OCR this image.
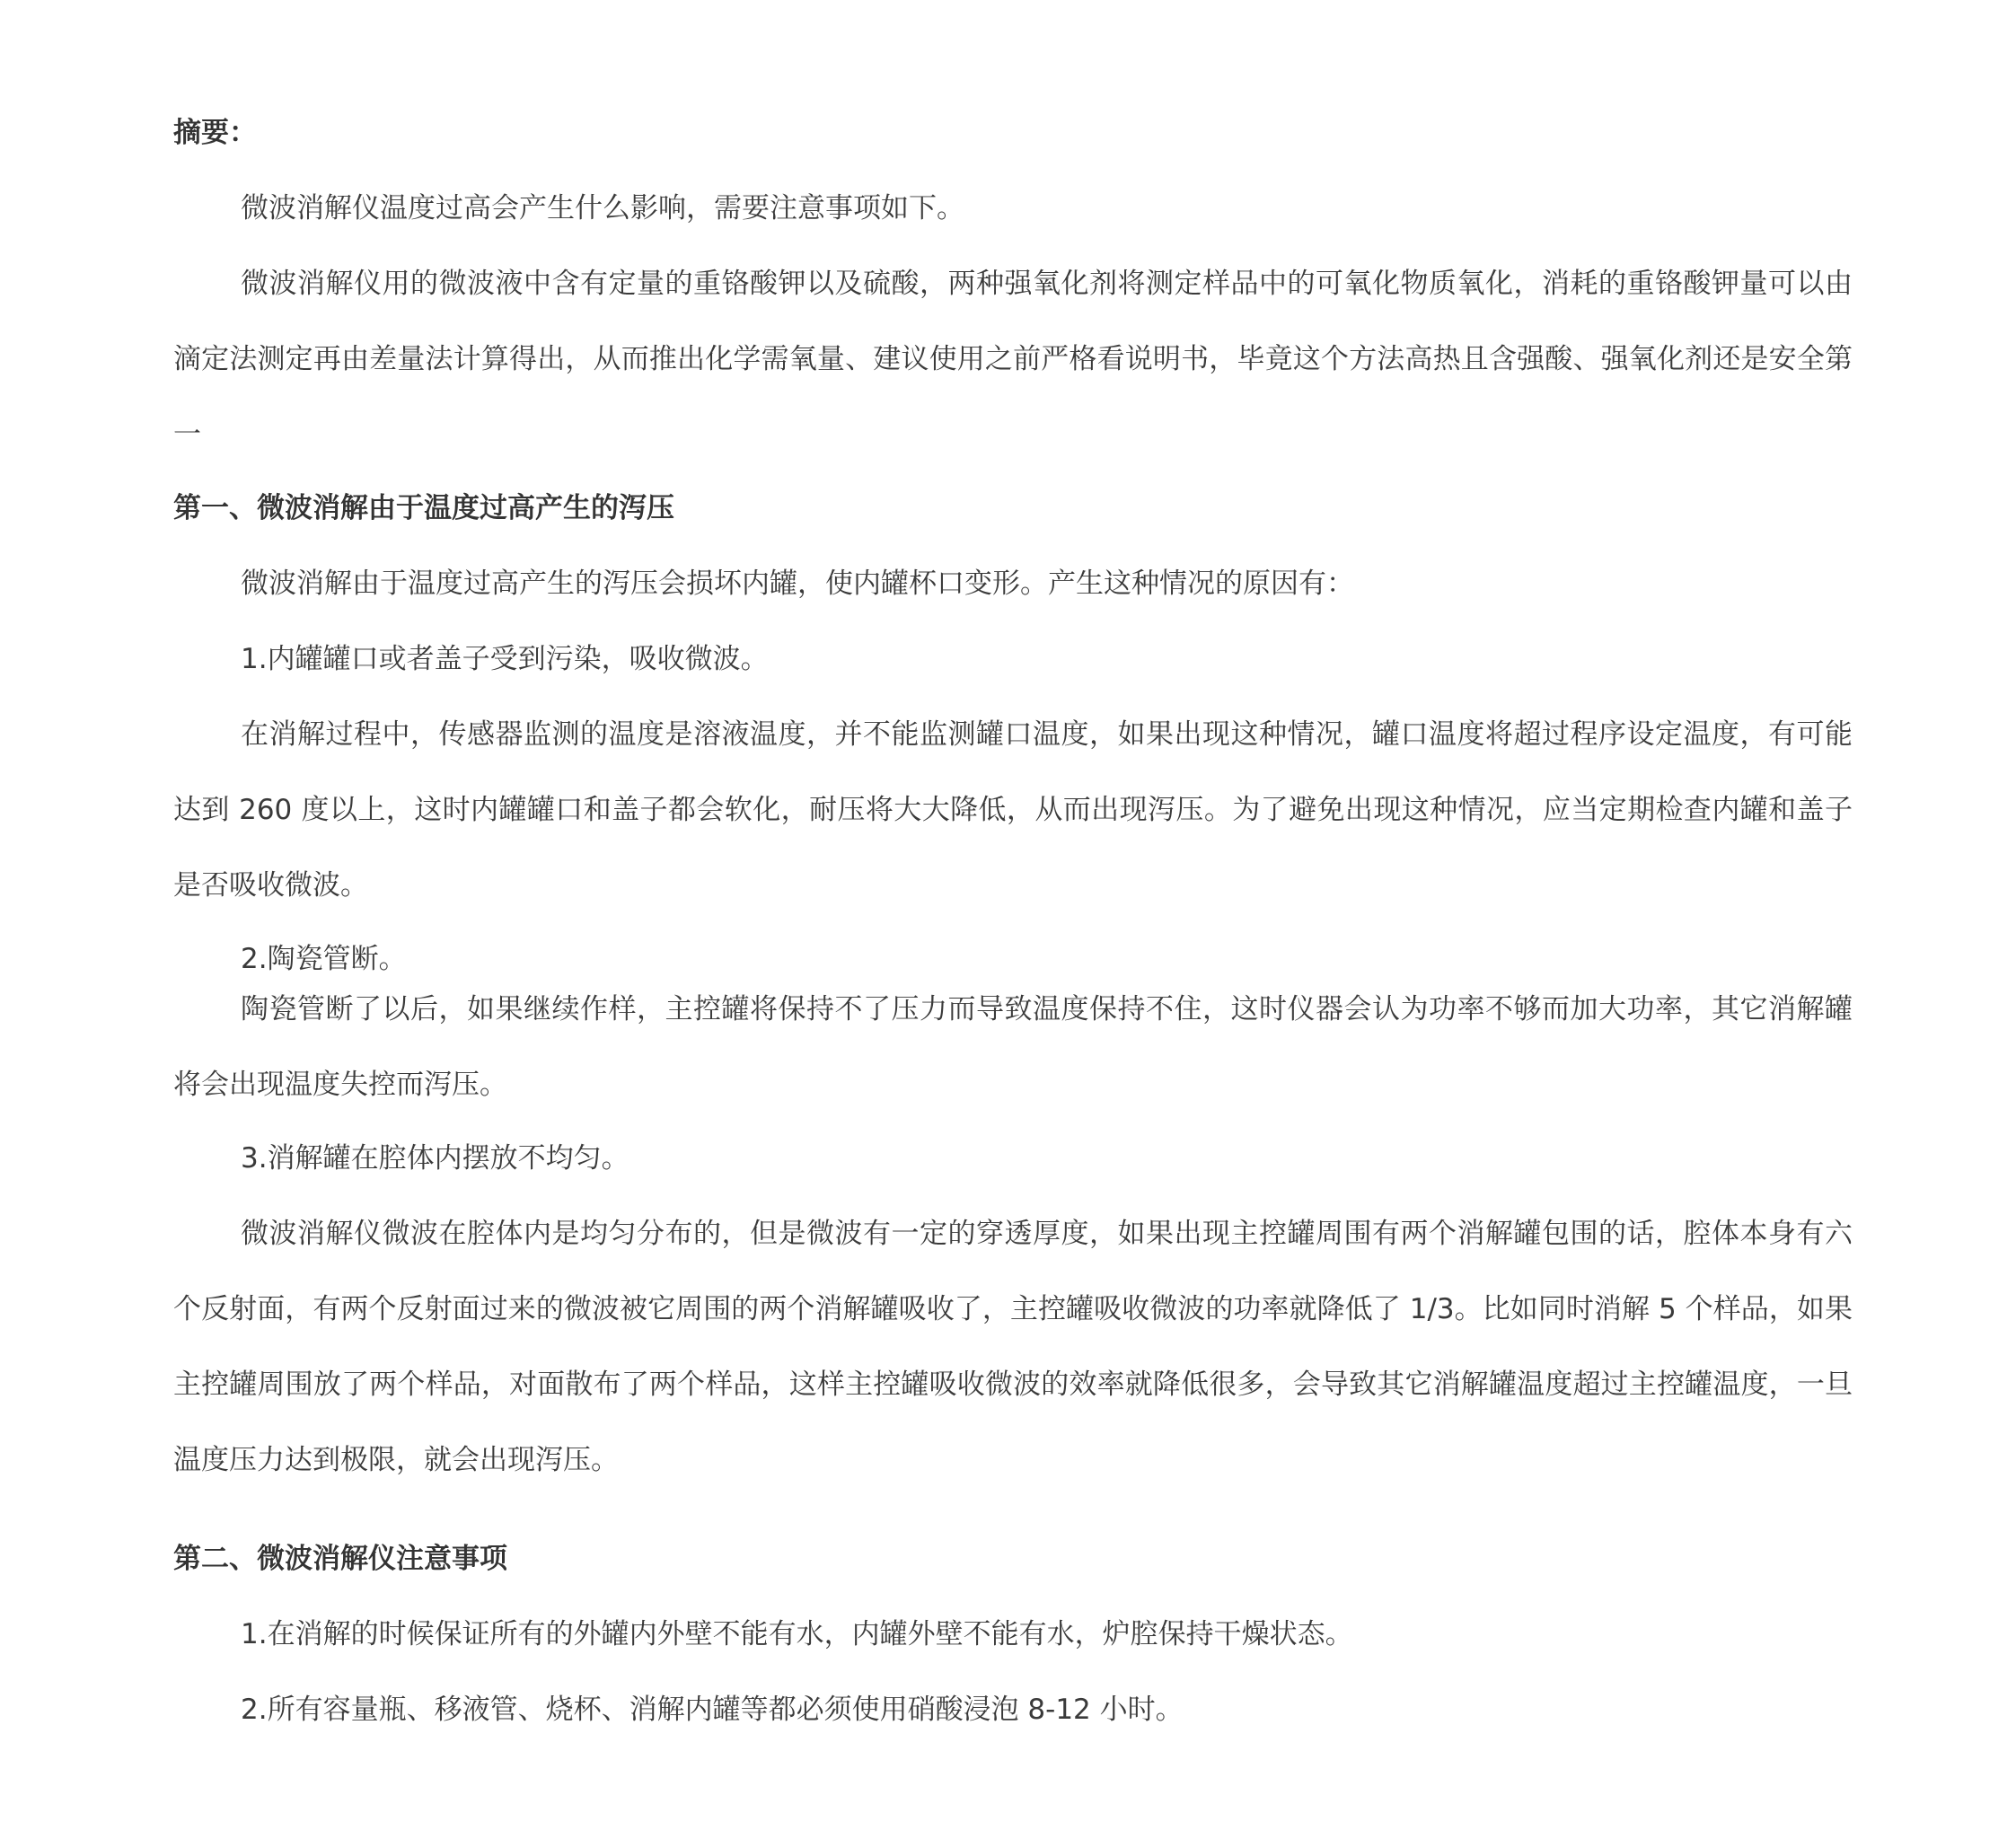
摘要：

微波消解仪温度过高会产生什么影响，需要注意事项如下。

微波消解仪用的微波液中含有定量的重铬酸钾以及硫酸，两种强氧化剂将测定样品中的可氧化物质氧化，消耗的重铬酸钾量可以由滴定法测定再由差量法计算得出，从而推出化学需氧量、建议使用之前严格看说明书，毕竟这个方法高热且含强酸、强氧化剂还是安全第一

第一、微波消解由于温度过高产生的泻压

微波消解由于温度过高产生的泻压会损坏内罐，使内罐杯口变形。产生这种情况的原因有：

1.内罐罐口或者盖子受到污染，吸收微波。

在消解过程中，传感器监测的温度是溶液温度，并不能监测罐口温度，如果出现这种情况，罐口温度将超过程序设定温度，有可能达到 260 度以上，这时内罐罐口和盖子都会软化，耐压将大大降低，从而出现泻压。为了避免出现这种情况，应当定期检查内罐和盖子是否吸收微波。

2.陶瓷管断。

陶瓷管断了以后，如果继续作样，主控罐将保持不了压力而导致温度保持不住，这时仪器会认为功率不够而加大功率，其它消解罐将会出现温度失控而泻压。

3.消解罐在腔体内摆放不均匀。

微波消解仪微波在腔体内是均匀分布的，但是微波有一定的穿透厚度，如果出现主控罐周围有两个消解罐包围的话，腔体本身有六个反射面，有两个反射面过来的微波被它周围的两个消解罐吸收了，主控罐吸收微波的功率就降低了 1/3。比如同时消解 5 个样品，如果主控罐周围放了两个样品，对面散布了两个样品，这样主控罐吸收微波的效率就降低很多，会导致其它消解罐温度超过主控罐温度，一旦温度压力达到极限，就会出现泻压。

第二、微波消解仪注意事项

1.在消解的时候保证所有的外罐内外壁不能有水，内罐外壁不能有水，炉腔保持干燥状态。

2.所有容量瓶、移液管、烧杯、消解内罐等都必须使用硝酸浸泡 8-12 小时。
